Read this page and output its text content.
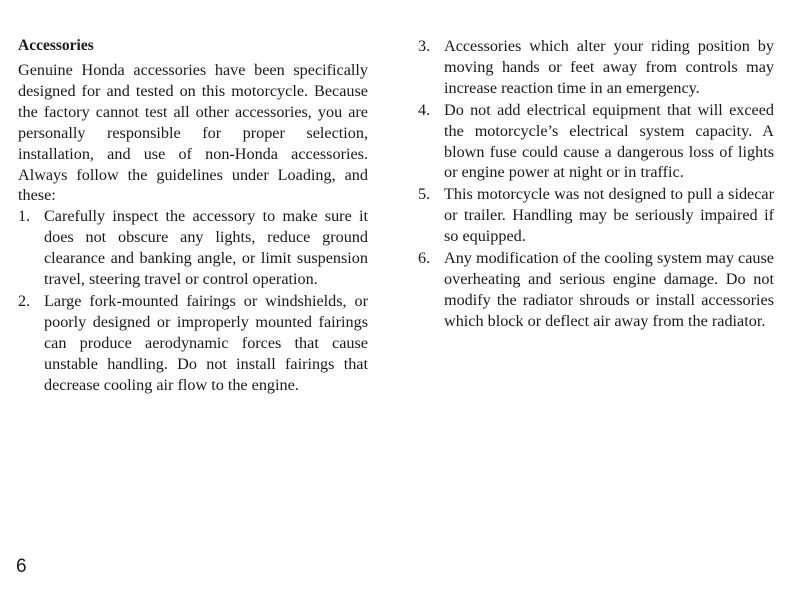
Accessories

Genuine Honda accessories have been specifically designed for and tested on this motorcycle. Because the factory cannot test all other accessories, you are personally responsible for proper selection, installation, and use of non-Honda accessories. Always follow the guidelines under Loading, and these:

1. Carefully inspect the accessory to make sure it does not obscure any lights, reduce ground clearance and banking angle, or limit suspension travel, steering travel or control operation.
2. Large fork-mounted fairings or windshields, or poorly designed or improperly mounted fairings can produce aerodynamic forces that cause unstable handling. Do not install fairings that decrease cooling air flow to the engine.
3. Accessories which alter your riding position by moving hands or feet away from controls may increase reaction time in an emergency.
4. Do not add electrical equipment that will exceed the motorcycle’s electrical system capacity. A blown fuse could cause a dangerous loss of lights or engine power at night or in traffic.
5. This motorcycle was not designed to pull a sidecar or trailer. Handling may be seriously impaired if so equipped.
6. Any modification of the cooling system may cause overheating and serious engine damage. Do not modify the radiator shrouds or install accessories which block or deflect air away from the radiator.
6
